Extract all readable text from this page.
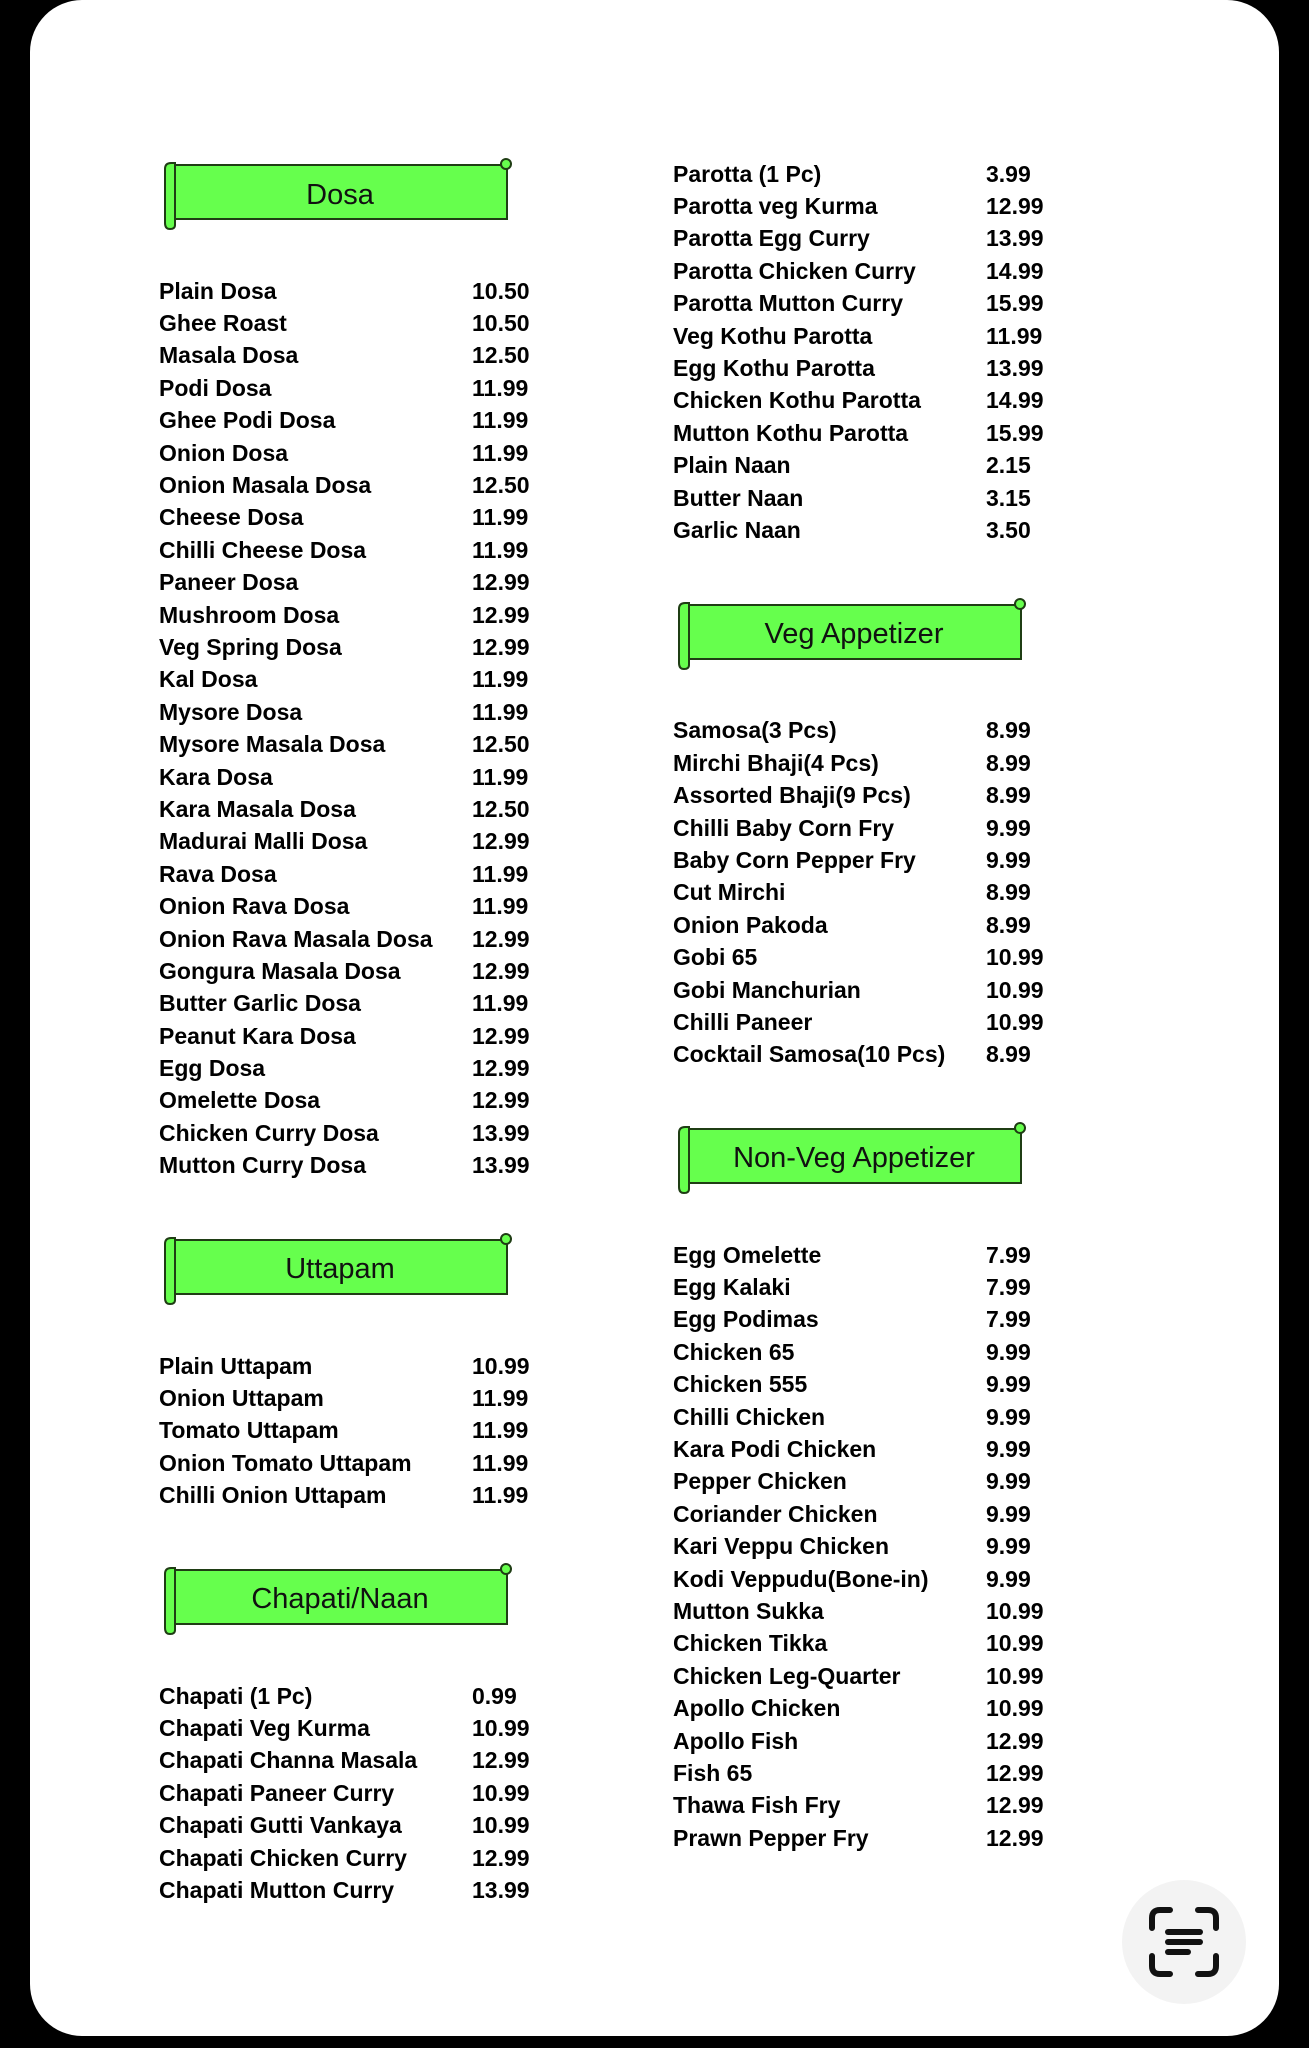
Dosa
Plain Dosa	10.50
Ghee Roast	10.50
Masala Dosa	12.50
Podi Dosa	11.99
Ghee Podi Dosa	11.99
Onion Dosa	11.99
Onion Masala Dosa	12.50
Cheese Dosa	11.99
Chilli Cheese Dosa	11.99
Paneer Dosa	12.99
Mushroom Dosa	12.99
Veg Spring Dosa	12.99
Kal Dosa	11.99
Mysore Dosa	11.99
Mysore Masala Dosa	12.50
Kara Dosa	11.99
Kara Masala Dosa	12.50
Madurai Malli Dosa	12.99
Rava Dosa	11.99
Onion Rava Dosa	11.99
Onion Rava Masala Dosa	12.99
Gongura Masala Dosa	12.99
Butter Garlic Dosa	11.99
Peanut Kara Dosa	12.99
Egg Dosa	12.99
Omelette Dosa	12.99
Chicken Curry Dosa	13.99
Mutton Curry Dosa	13.99
Uttapam
Plain Uttapam	10.99
Onion Uttapam	11.99
Tomato Uttapam	11.99
Onion Tomato Uttapam	11.99
Chilli Onion Uttapam	11.99
Chapati/Naan
Chapati (1 Pc)	0.99
Chapati Veg Kurma	10.99
Chapati Channa Masala	12.99
Chapati Paneer Curry	10.99
Chapati Gutti Vankaya	10.99
Chapati Chicken Curry	12.99
Chapati Mutton Curry	13.99
Parotta (1 Pc)	3.99
Parotta veg Kurma	12.99
Parotta Egg Curry	13.99
Parotta Chicken Curry	14.99
Parotta Mutton Curry	15.99
Veg Kothu Parotta	11.99
Egg Kothu Parotta	13.99
Chicken Kothu Parotta	14.99
Mutton Kothu Parotta	15.99
Plain Naan	2.15
Butter Naan	3.15
Garlic Naan	3.50
Veg Appetizer
Samosa(3 Pcs)	8.99
Mirchi Bhaji(4 Pcs)	8.99
Assorted Bhaji(9 Pcs)	8.99
Chilli Baby Corn Fry	9.99
Baby Corn Pepper Fry	9.99
Cut Mirchi	8.99
Onion Pakoda	8.99
Gobi 65	10.99
Gobi Manchurian	10.99
Chilli Paneer	10.99
Cocktail Samosa(10 Pcs)	8.99
Non-Veg Appetizer
Egg Omelette	7.99
Egg Kalaki	7.99
Egg Podimas	7.99
Chicken 65	9.99
Chicken 555	9.99
Chilli Chicken	9.99
Kara Podi Chicken	9.99
Pepper Chicken	9.99
Coriander Chicken	9.99
Kari Veppu Chicken	9.99
Kodi Veppudu(Bone-in)	9.99
Mutton Sukka	10.99
Chicken Tikka	10.99
Chicken Leg-Quarter	10.99
Apollo Chicken	10.99
Apollo Fish	12.99
Fish 65	12.99
Thawa Fish Fry	12.99
Prawn Pepper Fry	12.99
